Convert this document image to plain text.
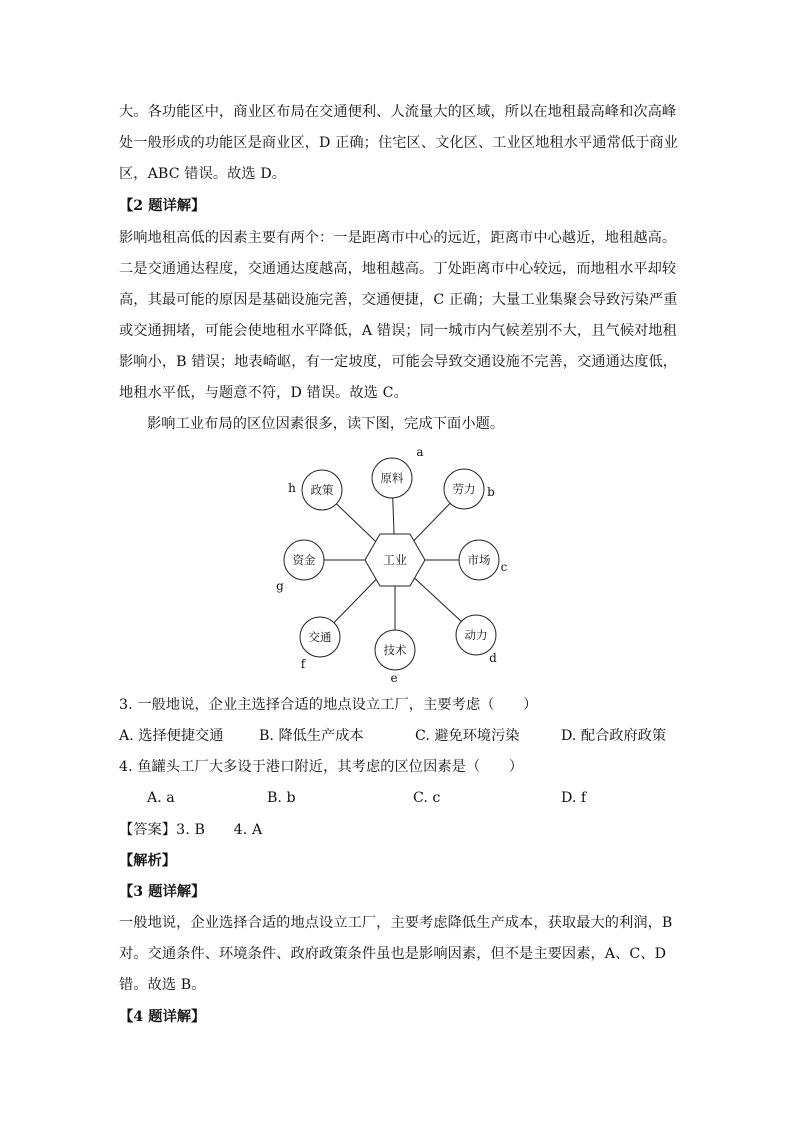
大。各功能区中，商业区布局在交通便利、人流量大的区域，所以在地租最高峰和次高峰
处一般形成的功能区是商业区，D 正确；住宅区、文化区、工业区地租水平通常低于商业
区，ABC 错误。故选 D。
【2 题详解】
影响地租高低的因素主要有两个：一是距离市中心的远近，距离市中心越近，地租越高。
二是交通通达程度，交通通达度越高，地租越高。丁处距离市中心较远，而地租水平却较
高，其最可能的原因是基础设施完善，交通便捷，C 正确；大量工业集聚会导致污染严重
或交通拥堵，可能会使地租水平降低，A 错误；同一城市内气候差别不大，且气候对地租
影响小，B 错误；地表崎岖，有一定坡度，可能会导致交通设施不完善，交通通达度低，
地租水平低，与题意不符，D 错误。故选 C。
影响工业布局的区位因素很多，读下图，完成下面小题。
原料
a
劳力 b
市场 c
动力
d
技术
e
交通
f
资金
g
政策
h
工业
3. 一般地说，企业主选择合适的地点设立工厂，主要考虑（　　）
A. 选择便捷交通	B. 降低生产成本	C. 避免环境污染	D. 配合政府政策
4. 鱼罐头工厂大多设于港口附近，其考虑的区位因素是（　　）
A. a	B. b	C. c	D. f
【答案】3. B　　4. A
【解析】
【3 题详解】
一般地说，企业选择合适的地点设立工厂，主要考虑降低生产成本，获取最大的利润，B
对。交通条件、环境条件、政府政策条件虽也是影响因素，但不是主要因素，A、C、D
错。故选 B。
【4 题详解】
